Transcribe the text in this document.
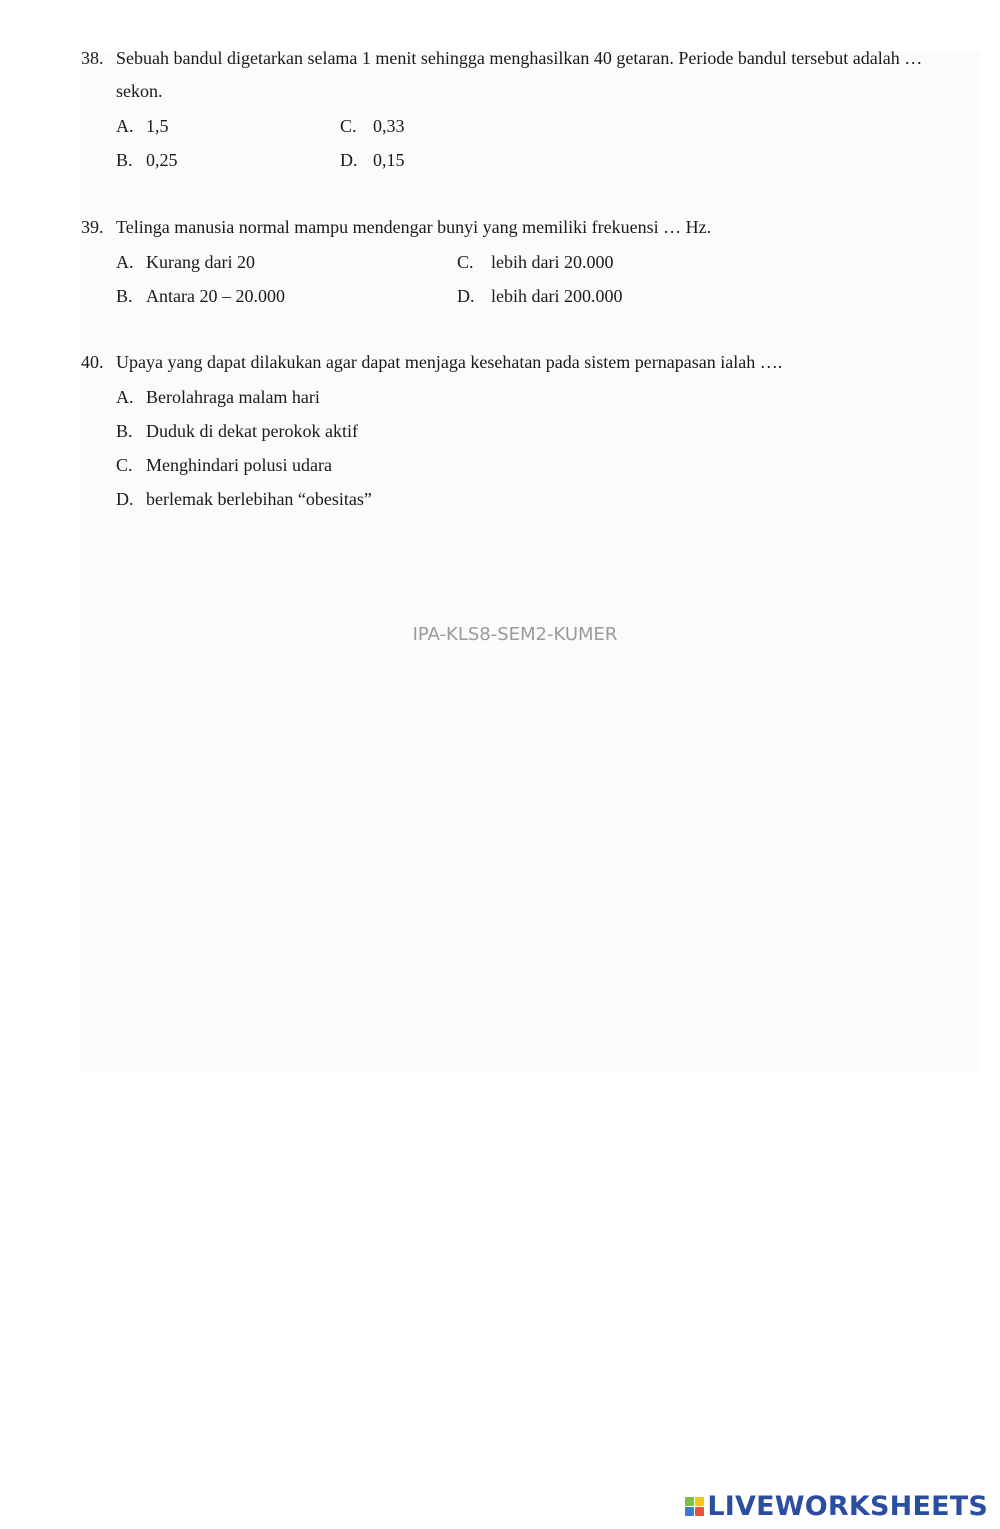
38. Sebuah bandul digetarkan selama 1 menit sehingga menghasilkan 40 getaran. Periode bandul tersebut adalah … sekon.
A. 1,5	C. 0,33
B. 0,25	D. 0,15
39. Telinga manusia normal mampu mendengar bunyi yang memiliki frekuensi … Hz.
A. Kurang dari 20	C. lebih dari 20.000
B. Antara 20 – 20.000	D. lebih dari 200.000
40. Upaya yang dapat dilakukan agar dapat menjaga kesehatan pada sistem pernapasan ialah ….
A. Berolahraga malam hari
B. Duduk di dekat perokok aktif
C. Menghindari polusi udara
D. berlemak berlebihan “obesitas”
IPA-KLS8-SEM2-KUMER
LIVEWORKSHEETS
